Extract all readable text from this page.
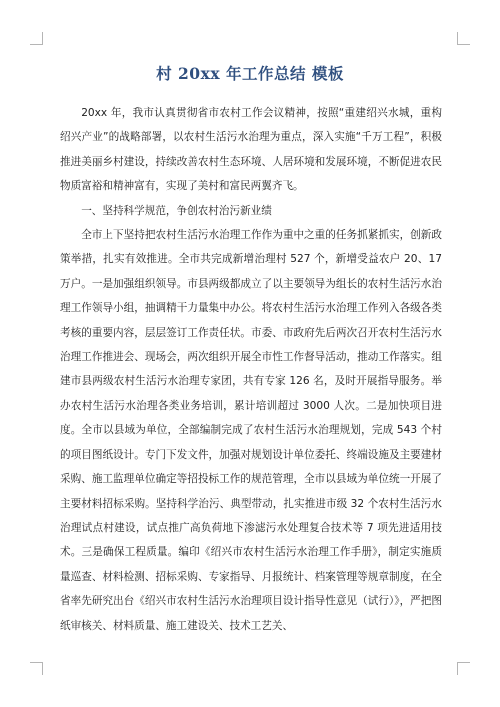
村 20xx 年工作总结 模板

20xx 年，我市认真贯彻省市农村工作会议精神，按照“重建绍兴水城，重构绍兴产业”的战略部署，以农村生活污水治理为重点，深入实施“千万工程”，积极推进美丽乡村建设，持续改善农村生态环境、人居环境和发展环境，不断促进农民物质富裕和精神富有，实现了美村和富民两翼齐飞。

一、坚持科学规范，争创农村治污新业绩

全市上下坚持把农村生活污水治理工作作为重中之重的任务抓紧抓实，创新政策举措，扎实有效推进。全市共完成新增治理村 527 个，新增受益农户 20、17 万户。一是加强组织领导。市县两级都成立了以主要领导为组长的农村生活污水治理工作领导小组，抽调精干力量集中办公。将农村生活污水治理工作列入各级各类考核的重要内容，层层签订工作责任状。市委、市政府先后两次召开农村生活污水治理工作推进会、现场会，两次组织开展全市性工作督导活动，推动工作落实。组建市县两级农村生活污水治理专家团，共有专家 126 名，及时开展指导服务。举办农村生活污水治理各类业务培训，累计培训超过 3000 人次。二是加快项目进度。全市以县域为单位，全部编制完成了农村生活污水治理规划，完成 543 个村的项目图纸设计。专门下发文件，加强对规划设计单位委托、终端设施及主要建材采购、施工监理单位确定等招投标工作的规范管理，全市以县域为单位统一开展了主要材料招标采购。坚持科学治污、典型带动，扎实推进市级 32 个农村生活污水治理试点村建设，试点推广高负荷地下渗滤污水处理复合技术等 7 项先进适用技术。三是确保工程质量。编印《绍兴市农村生活污水治理工作手册》，制定实施质量巡查、材料检测、招标采购、专家指导、月报统计、档案管理等规章制度，在全省率先研究出台《绍兴市农村生活污水治理项目设计指导性意见（试行）》，严把图纸审核关、材料质量、施工建设关、技术工艺关、
